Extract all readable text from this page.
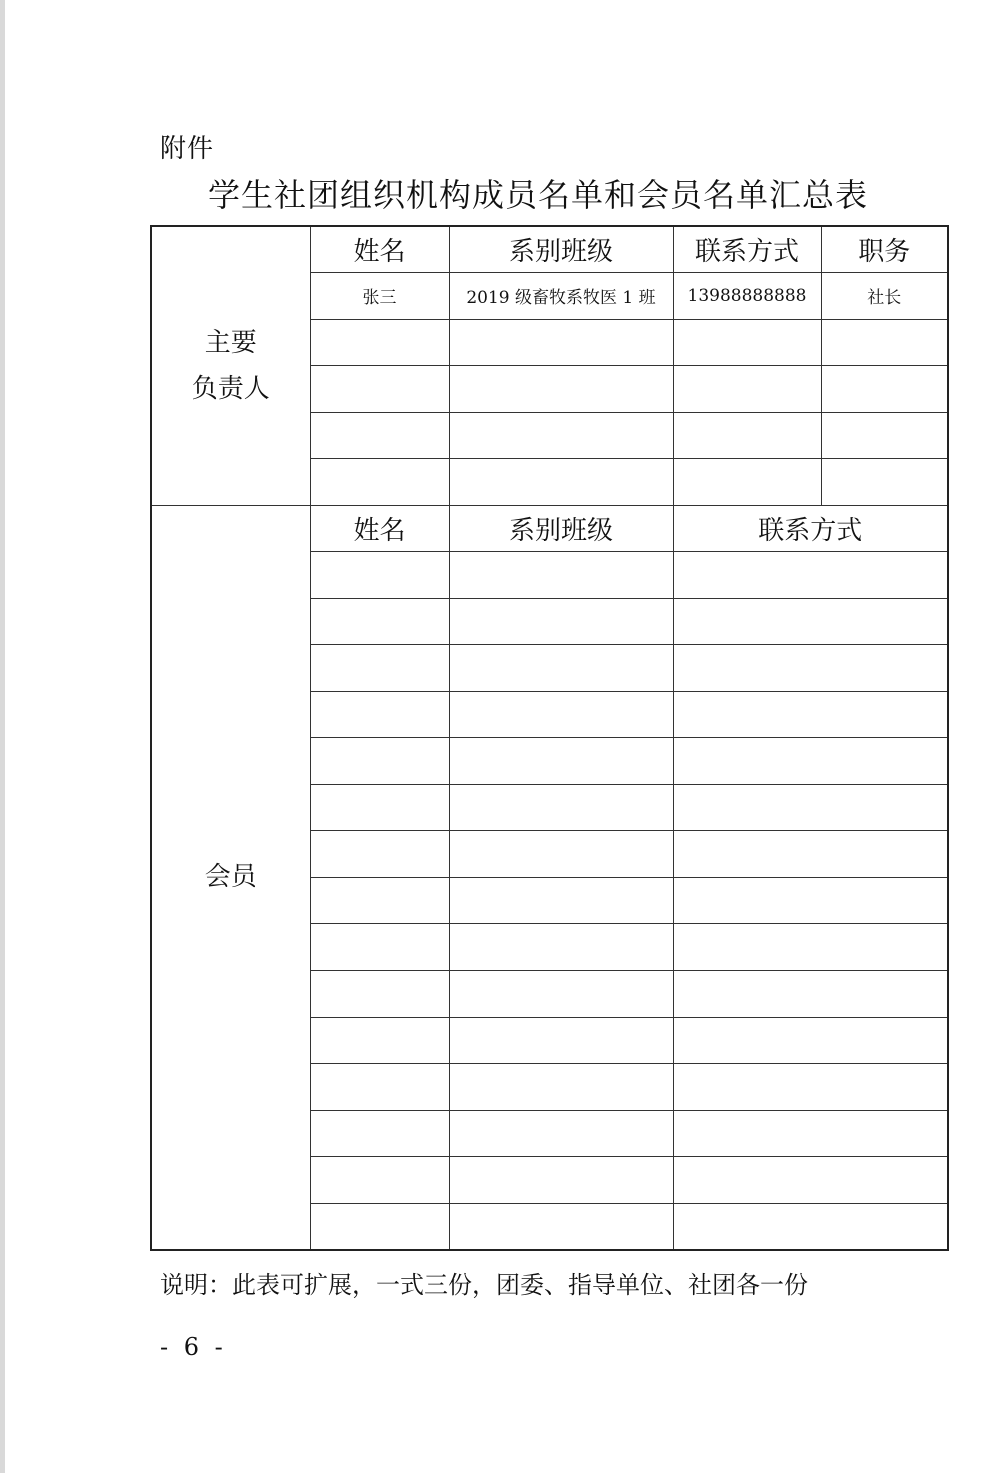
附件
学生社团组织机构成员名单和会员名单汇总表
主要
负责人	姓名	系别班级	联系方式	职务
	张三	2019 级畜牧系牧医 1 班	13988888888	社长

会员	姓名	系别班级	联系方式	

说明：此表可扩展，一式三份，团委、指导单位、社团各一份
- 6 -
